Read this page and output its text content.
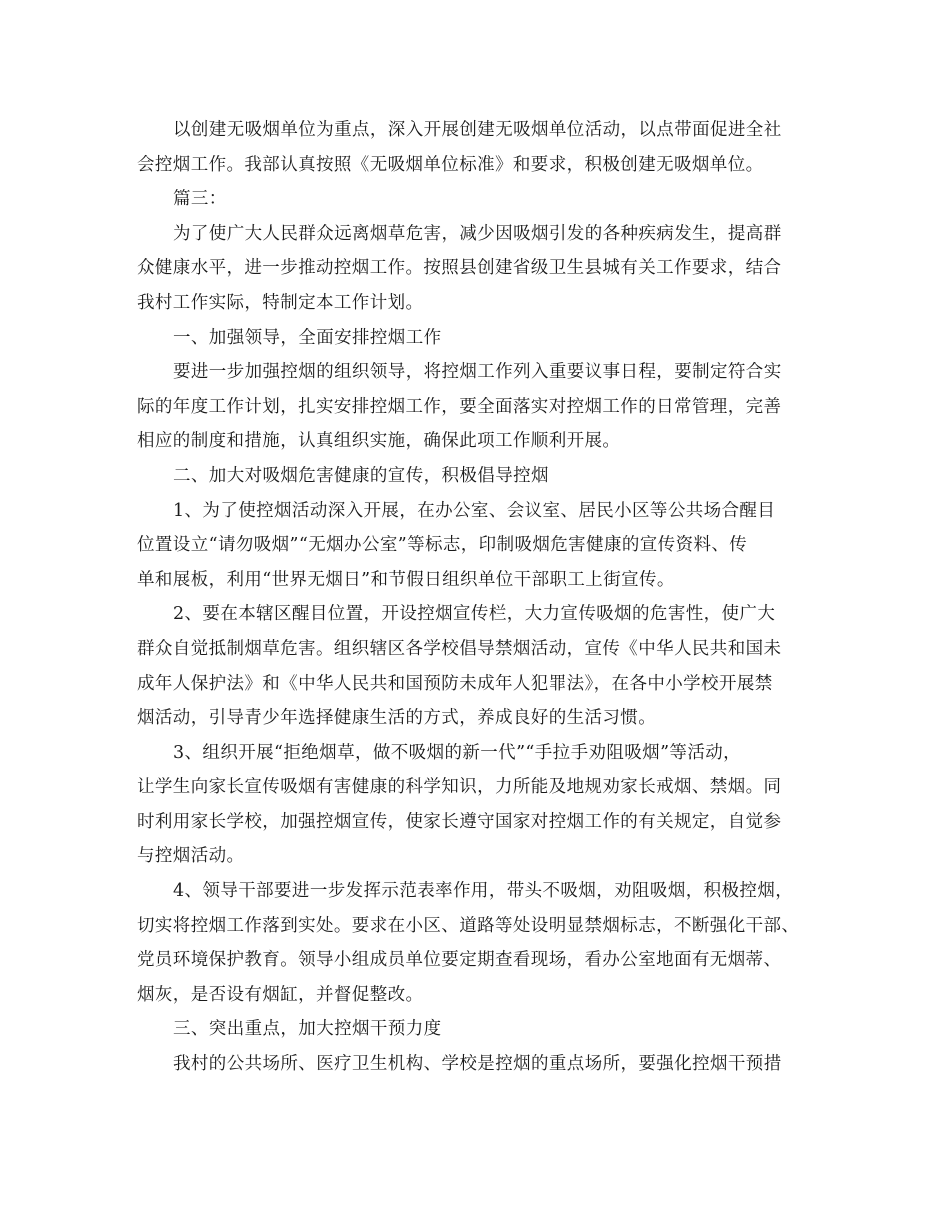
以创建无吸烟单位为重点，深入开展创建无吸烟单位活动，以点带面促进全社
会控烟工作。我部认真按照《无吸烟单位标准》和要求，积极创建无吸烟单位。
篇三：
为了使广大人民群众远离烟草危害，减少因吸烟引发的各种疾病发生，提高群
众健康水平，进一步推动控烟工作。按照县创建省级卫生县城有关工作要求，结合
我村工作实际，特制定本工作计划。
一、加强领导，全面安排控烟工作
要进一步加强控烟的组织领导，将控烟工作列入重要议事日程，要制定符合实
际的年度工作计划，扎实安排控烟工作，要全面落实对控烟工作的日常管理，完善
相应的制度和措施，认真组织实施，确保此项工作顺利开展。
二、加大对吸烟危害健康的宣传，积极倡导控烟
1、为了使控烟活动深入开展，在办公室、会议室、居民小区等公共场合醒目
位置设立“请勿吸烟”“无烟办公室”等标志，印制吸烟危害健康的宣传资料、传
单和展板，利用“世界无烟日”和节假日组织单位干部职工上街宣传。
2、要在本辖区醒目位置，开设控烟宣传栏，大力宣传吸烟的危害性，使广大
群众自觉抵制烟草危害。组织辖区各学校倡导禁烟活动，宣传《中华人民共和国未
成年人保护法》和《中华人民共和国预防未成年人犯罪法》，在各中小学校开展禁
烟活动，引导青少年选择健康生活的方式，养成良好的生活习惯。
3、组织开展“拒绝烟草，做不吸烟的新一代”“手拉手劝阻吸烟”等活动，
让学生向家长宣传吸烟有害健康的科学知识，力所能及地规劝家长戒烟、禁烟。同
时利用家长学校，加强控烟宣传，使家长遵守国家对控烟工作的有关规定，自觉参
与控烟活动。
4、领导干部要进一步发挥示范表率作用，带头不吸烟，劝阻吸烟，积极控烟，
切实将控烟工作落到实处。要求在小区、道路等处设明显禁烟标志，不断强化干部、
党员环境保护教育。领导小组成员单位要定期查看现场，看办公室地面有无烟蒂、
烟灰，是否设有烟缸，并督促整改。
三、突出重点，加大控烟干预力度
我村的公共场所、医疗卫生机构、学校是控烟的重点场所，要强化控烟干预措
